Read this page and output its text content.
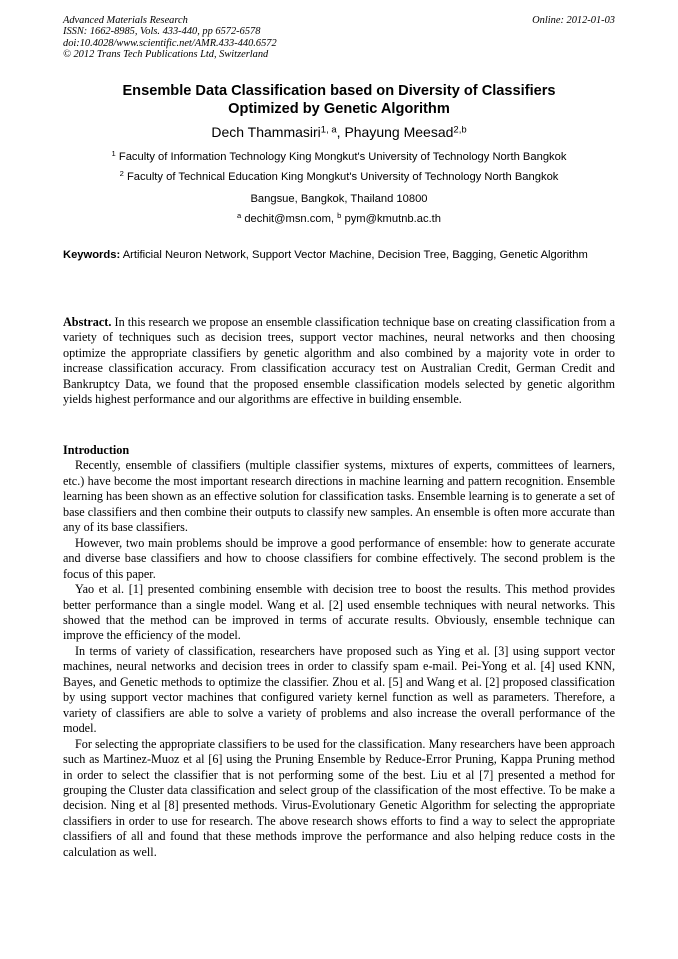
Advanced Materials Research	Online: 2012-01-03
ISSN: 1662-8985, Vols. 433-440, pp 6572-6578
doi:10.4028/www.scientific.net/AMR.433-440.6572
© 2012 Trans Tech Publications Ltd, Switzerland
Ensemble Data Classification based on Diversity of Classifiers
Optimized by Genetic Algorithm
Dech Thammasiri$^{1, a}$, Phayung Meesad$^{2,b}$
$^1$ Faculty of Information Technology King Mongkut's University of Technology North Bangkok
$^2$ Faculty of Technical Education King Mongkut's University of Technology North Bangkok
Bangsue, Bangkok, Thailand 10800
$^a$ dechit@msn.com, $^b$ pym@kmutnb.ac.th
Keywords: Artificial Neuron Network, Support Vector Machine, Decision Tree, Bagging, Genetic Algorithm

Abstract. In this research we propose an ensemble classification technique base on creating classification from a variety of techniques such as decision trees, support vector machines, neural networks and then choosing optimize the appropriate classifiers by genetic algorithm and also combined by a majority vote in order to increase classification accuracy. From classification accuracy test on Australian Credit, German Credit and Bankruptcy Data, we found that the proposed ensemble classification models selected by genetic algorithm yields highest performance and our algorithms are effective in building ensemble.

Introduction

Recently, ensemble of classifiers (multiple classifier systems, mixtures of experts, committees of learners, etc.) have become the most important research directions in machine learning and pattern recognition. Ensemble learning has been shown as an effective solution for classification tasks. Ensemble learning is to generate a set of base classifiers and then combine their outputs to classify new samples. An ensemble is often more accurate than any of its base classifiers.

However, two main problems should be improve a good performance of ensemble: how to generate accurate and diverse base classifiers and how to choose classifiers for combine effectively. The second problem is the focus of this paper.

Yao et al. [1] presented combining ensemble with decision tree to boost the results. This method provides better performance than a single model. Wang et al. [2] used ensemble techniques with neural networks. This showed that the method can be improved in terms of accurate results. Obviously, ensemble technique can improve the efficiency of the model.

In terms of variety of classification, researchers have proposed such as Ying et al. [3] using support vector machines, neural networks and decision trees in order to classify spam e-mail. Pei-Yong et al. [4] used KNN, Bayes, and Genetic methods to optimize the classifier. Zhou et al. [5] and Wang et al. [2] proposed classification by using support vector machines that configured variety kernel function as well as parameters. Therefore, a variety of classifiers are able to solve a variety of problems and also increase the overall performance of the model.

For selecting the appropriate classifiers to be used for the classification. Many researchers have been approach such as Martinez-Muoz et al [6] using the Pruning Ensemble by Reduce-Error Pruning, Kappa Pruning method in order to select the classifier that is not performing some of the best. Liu et al [7] presented a method for grouping the Cluster data classification and select group of the classification of the most effective. To be make a decision. Ning et al [8] presented methods. Virus-Evolutionary Genetic Algorithm for selecting the appropriate classifiers in order to use for research. The above research shows efforts to find a way to select the appropriate classifiers of all and found that these methods improve the performance and also helping reduce costs in the calculation as well.
